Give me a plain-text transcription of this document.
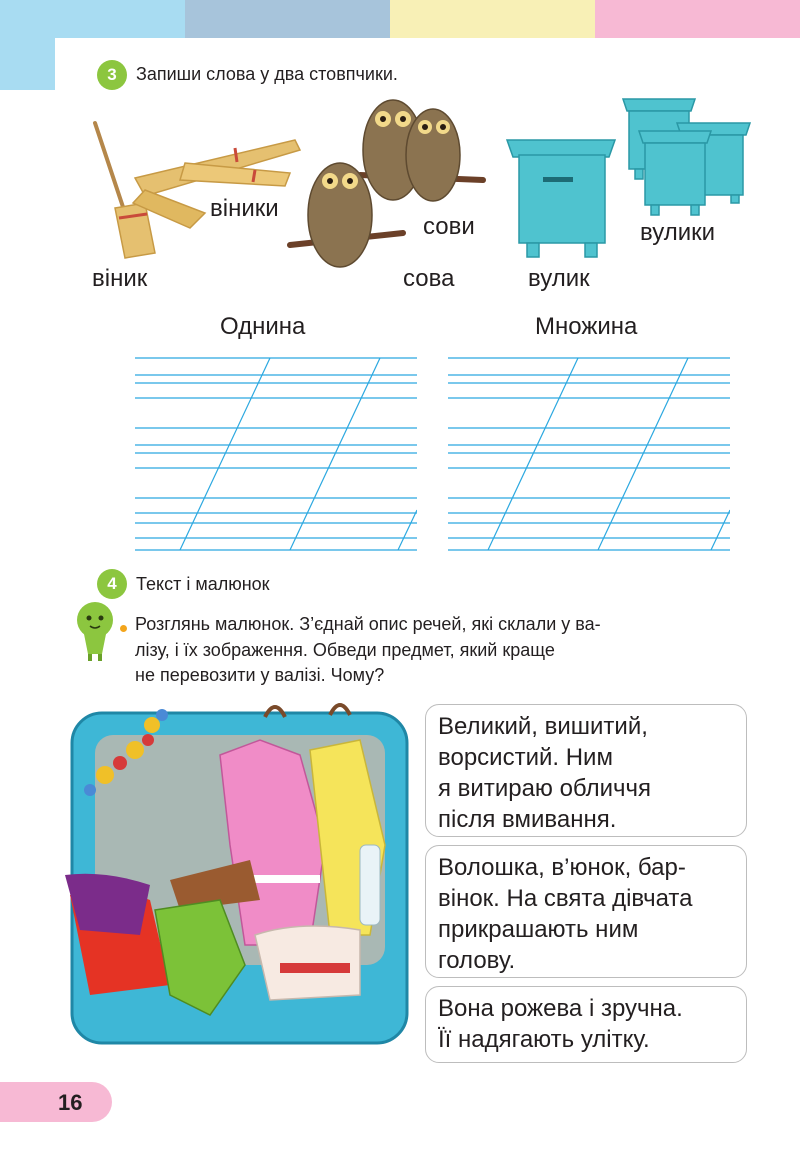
3	Запиши слова у два стовпчики.
віник
віники
сова
сови
вулик
вулики
Однина	Множина
4	Текст і малюнок
Розглянь малюнок. З’єднай опис речей, які склали у ва-
лізу, і їх зображення. Обведи предмет, який краще
не перевозити у валізі. Чому?

Великий, вишитий,

ворсистий. Ним

я витираю обличчя

після вмивання.

Волошка, в’юнок, бар-

вінок. На свята дівчата

прикрашають ним

голову.

Вона рожева і зручна.

Її надягають улітку.

16
